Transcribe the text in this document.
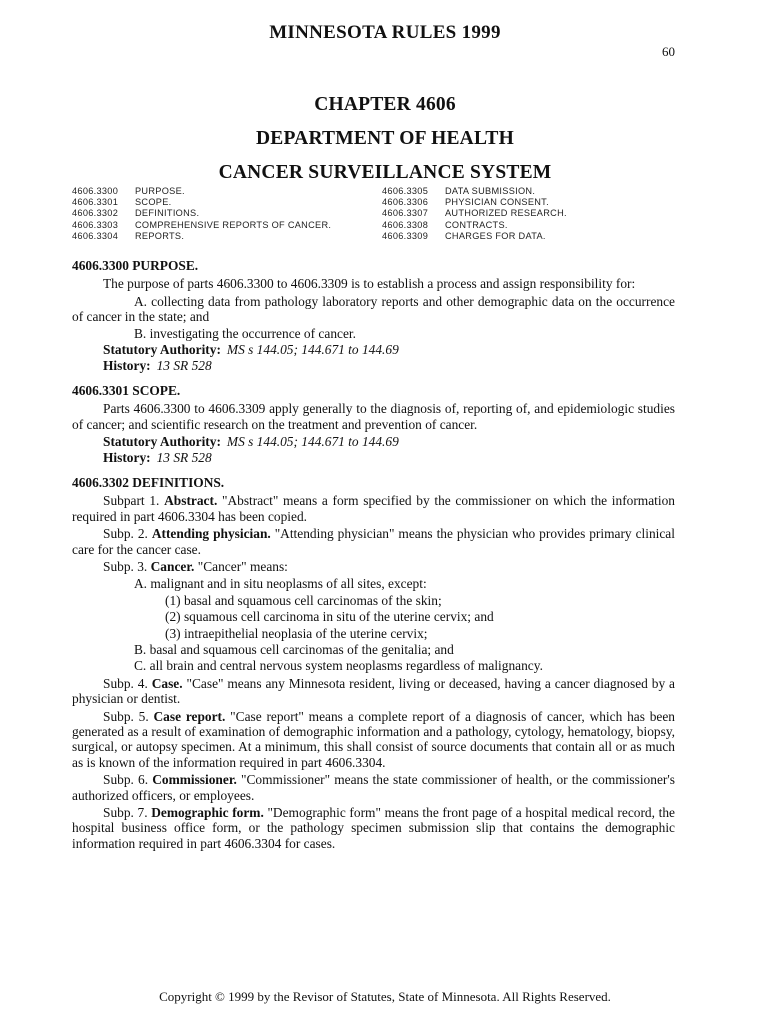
MINNESOTA RULES 1999
60
CHAPTER 4606
DEPARTMENT OF HEALTH
CANCER SURVEILLANCE SYSTEM
4606.3300	PURPOSE.
4606.3301	SCOPE.
4606.3302	DEFINITIONS.
4606.3303	COMPREHENSIVE REPORTS OF CANCER.
4606.3304	REPORTS.
4606.3305	DATA SUBMISSION.
4606.3306	PHYSICIAN CONSENT.
4606.3307	AUTHORIZED RESEARCH.
4606.3308	CONTRACTS.
4606.3309	CHARGES FOR DATA.
4606.3300 PURPOSE.
The purpose of parts 4606.3300 to 4606.3309 is to establish a process and assign responsibility for:
A. collecting data from pathology laboratory reports and other demographic data on the occurrence of cancer in the state; and
B. investigating the occurrence of cancer.
Statutory Authority: MS s 144.05; 144.671 to 144.69
History: 13 SR 528
4606.3301 SCOPE.
Parts 4606.3300 to 4606.3309 apply generally to the diagnosis of, reporting of, and epidemiologic studies of cancer; and scientific research on the treatment and prevention of cancer.
Statutory Authority: MS s 144.05; 144.671 to 144.69
History: 13 SR 528
4606.3302 DEFINITIONS.
Subpart 1. Abstract. "Abstract" means a form specified by the commissioner on which the information required in part 4606.3304 has been copied.
Subp. 2. Attending physician. "Attending physician" means the physician who provides primary clinical care for the cancer case.
Subp. 3. Cancer. "Cancer" means:
A. malignant and in situ neoplasms of all sites, except:
(1) basal and squamous cell carcinomas of the skin;
(2) squamous cell carcinoma in situ of the uterine cervix; and
(3) intraepithelial neoplasia of the uterine cervix;
B. basal and squamous cell carcinomas of the genitalia; and
C. all brain and central nervous system neoplasms regardless of malignancy.
Subp. 4. Case. "Case" means any Minnesota resident, living or deceased, having a cancer diagnosed by a physician or dentist.
Subp. 5. Case report. "Case report" means a complete report of a diagnosis of cancer, which has been generated as a result of examination of demographic information and a pathology, cytology, hematology, biopsy, surgical, or autopsy specimen. At a minimum, this shall consist of source documents that contain all or as much as is known of the information required in part 4606.3304.
Subp. 6. Commissioner. "Commissioner" means the state commissioner of health, or the commissioner's authorized officers, or employees.
Subp. 7. Demographic form. "Demographic form" means the front page of a hospital medical record, the hospital business office form, or the pathology specimen submission slip that contains the demographic information required in part 4606.3304 for cases.
Copyright © 1999 by the Revisor of Statutes, State of Minnesota. All Rights Reserved.
